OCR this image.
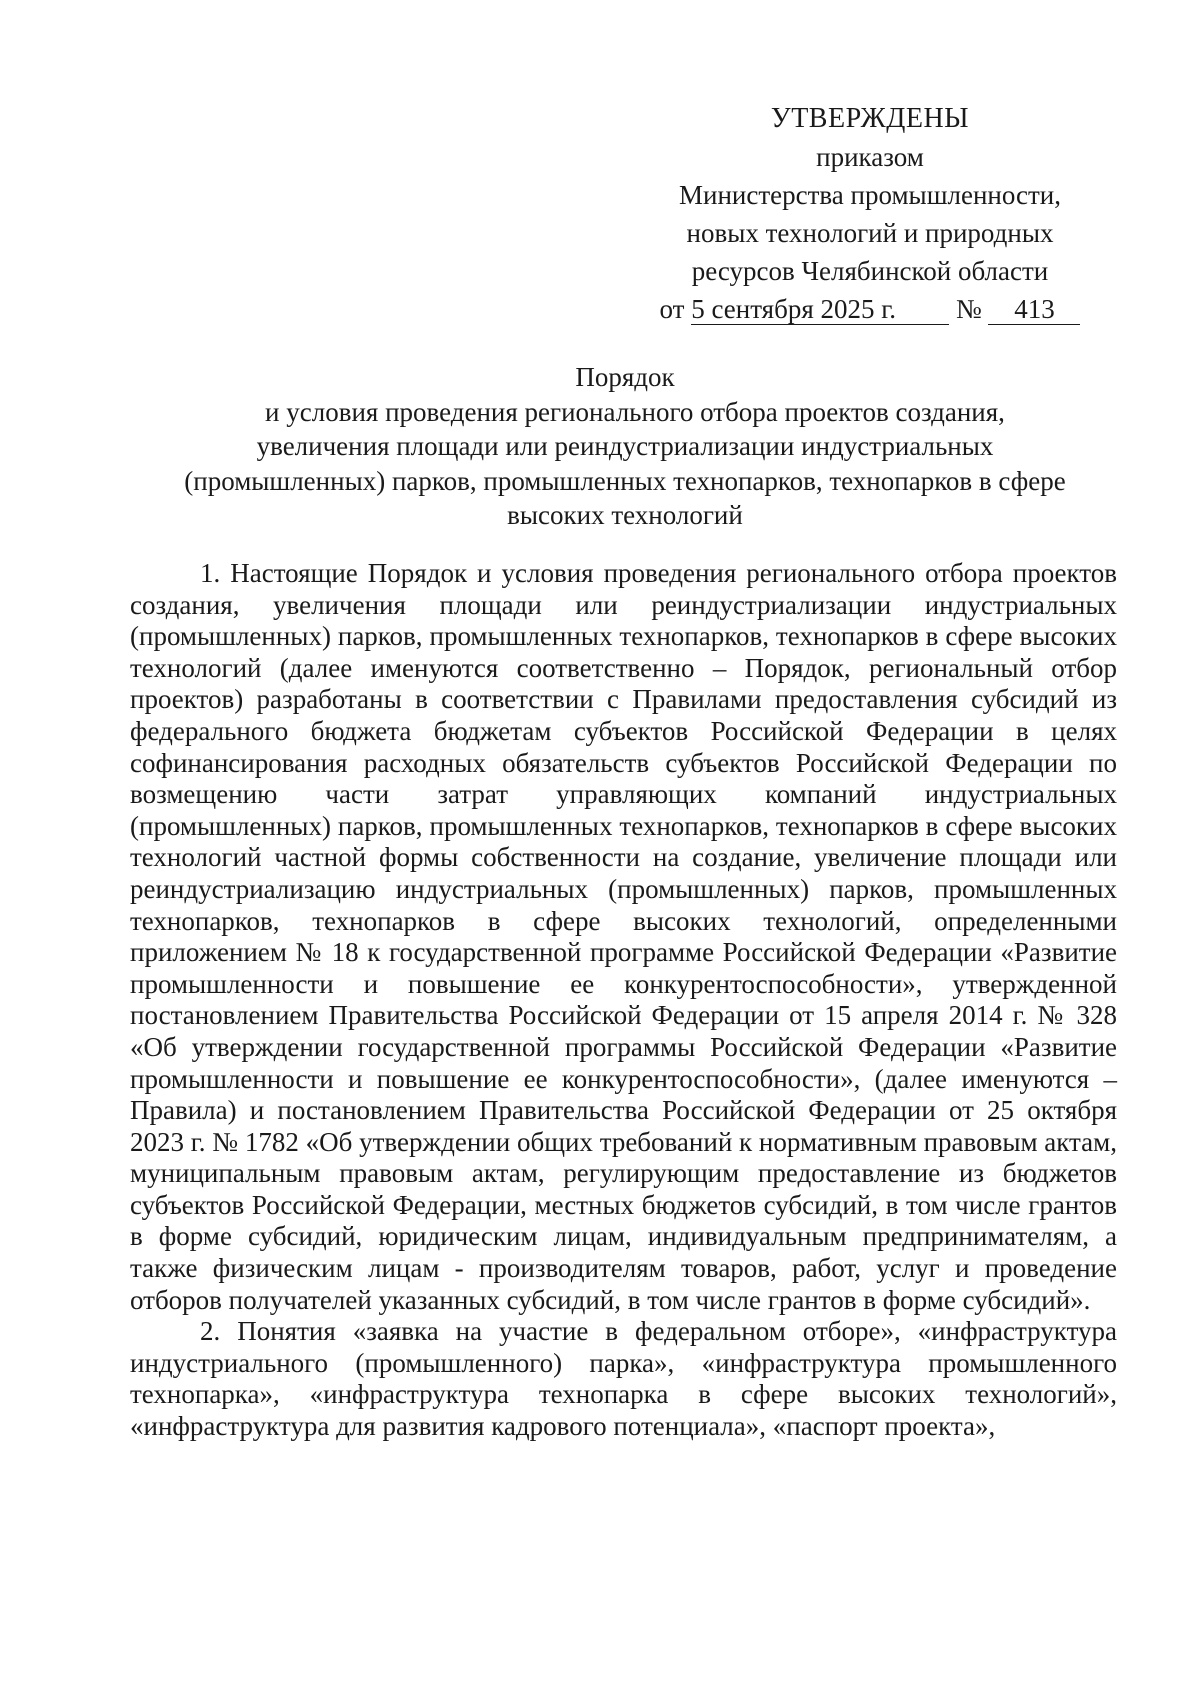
УТВЕРЖДЕНЫ
приказом
Министерства промышленности,
новых технологий и природных
ресурсов Челябинской области
от 5 сентября 2025 г. № 413
Порядок
и условия проведения регионального отбора проектов создания,
увеличения площади или реиндустриализации индустриальных
(промышленных) парков, промышленных технопарков, технопарков в сфере
высоких технологий

1. Настоящие Порядок и условия проведения регионального отбора проектов создания, увеличения площади или реиндустриализации индустриальных (промышленных) парков, промышленных технопарков, технопарков в сфере высоких технологий (далее именуются соответственно – Порядок, региональный отбор проектов) разработаны в соответствии с Правилами предоставления субсидий из федерального бюджета бюджетам субъектов Российской Федерации в целях софинансирования расходных обязательств субъектов Российской Федерации по возмещению части затрат управляющих компаний индустриальных (промышленных) парков, промышленных технопарков, технопарков в сфере высоких технологий частной формы собственности на создание, увеличение площади или реиндустриализацию индустриальных (промышленных) парков, промышленных технопарков, технопарков в сфере высоких технологий, определенными приложением № 18 к государственной программе Российской Федерации «Развитие промышленности и повышение ее конкурентоспособности», утвержденной постановлением Правительства Российской Федерации от 15 апреля 2014 г. № 328 «Об утверждении государственной программы Российской Федерации «Развитие промышленности и повышение ее конкурентоспособности», (далее именуются – Правила) и постановлением Правительства Российской Федерации от 25 октября 2023 г. № 1782 «Об утверждении общих требований к нормативным правовым актам, муниципальным правовым актам, регулирующим предоставление из бюджетов субъектов Российской Федерации, местных бюджетов субсидий, в том числе грантов в форме субсидий, юридическим лицам, индивидуальным предпринимателям, а также физическим лицам - производителям товаров, работ, услуг и проведение отборов получателей указанных субсидий, в том числе грантов в форме субсидий».

2. Понятия «заявка на участие в федеральном отборе», «инфраструктура индустриального (промышленного) парка», «инфраструктура промышленного технопарка», «инфраструктура технопарка в сфере высоких технологий», «инфраструктура для развития кадрового потенциала», «паспорт проекта»,
